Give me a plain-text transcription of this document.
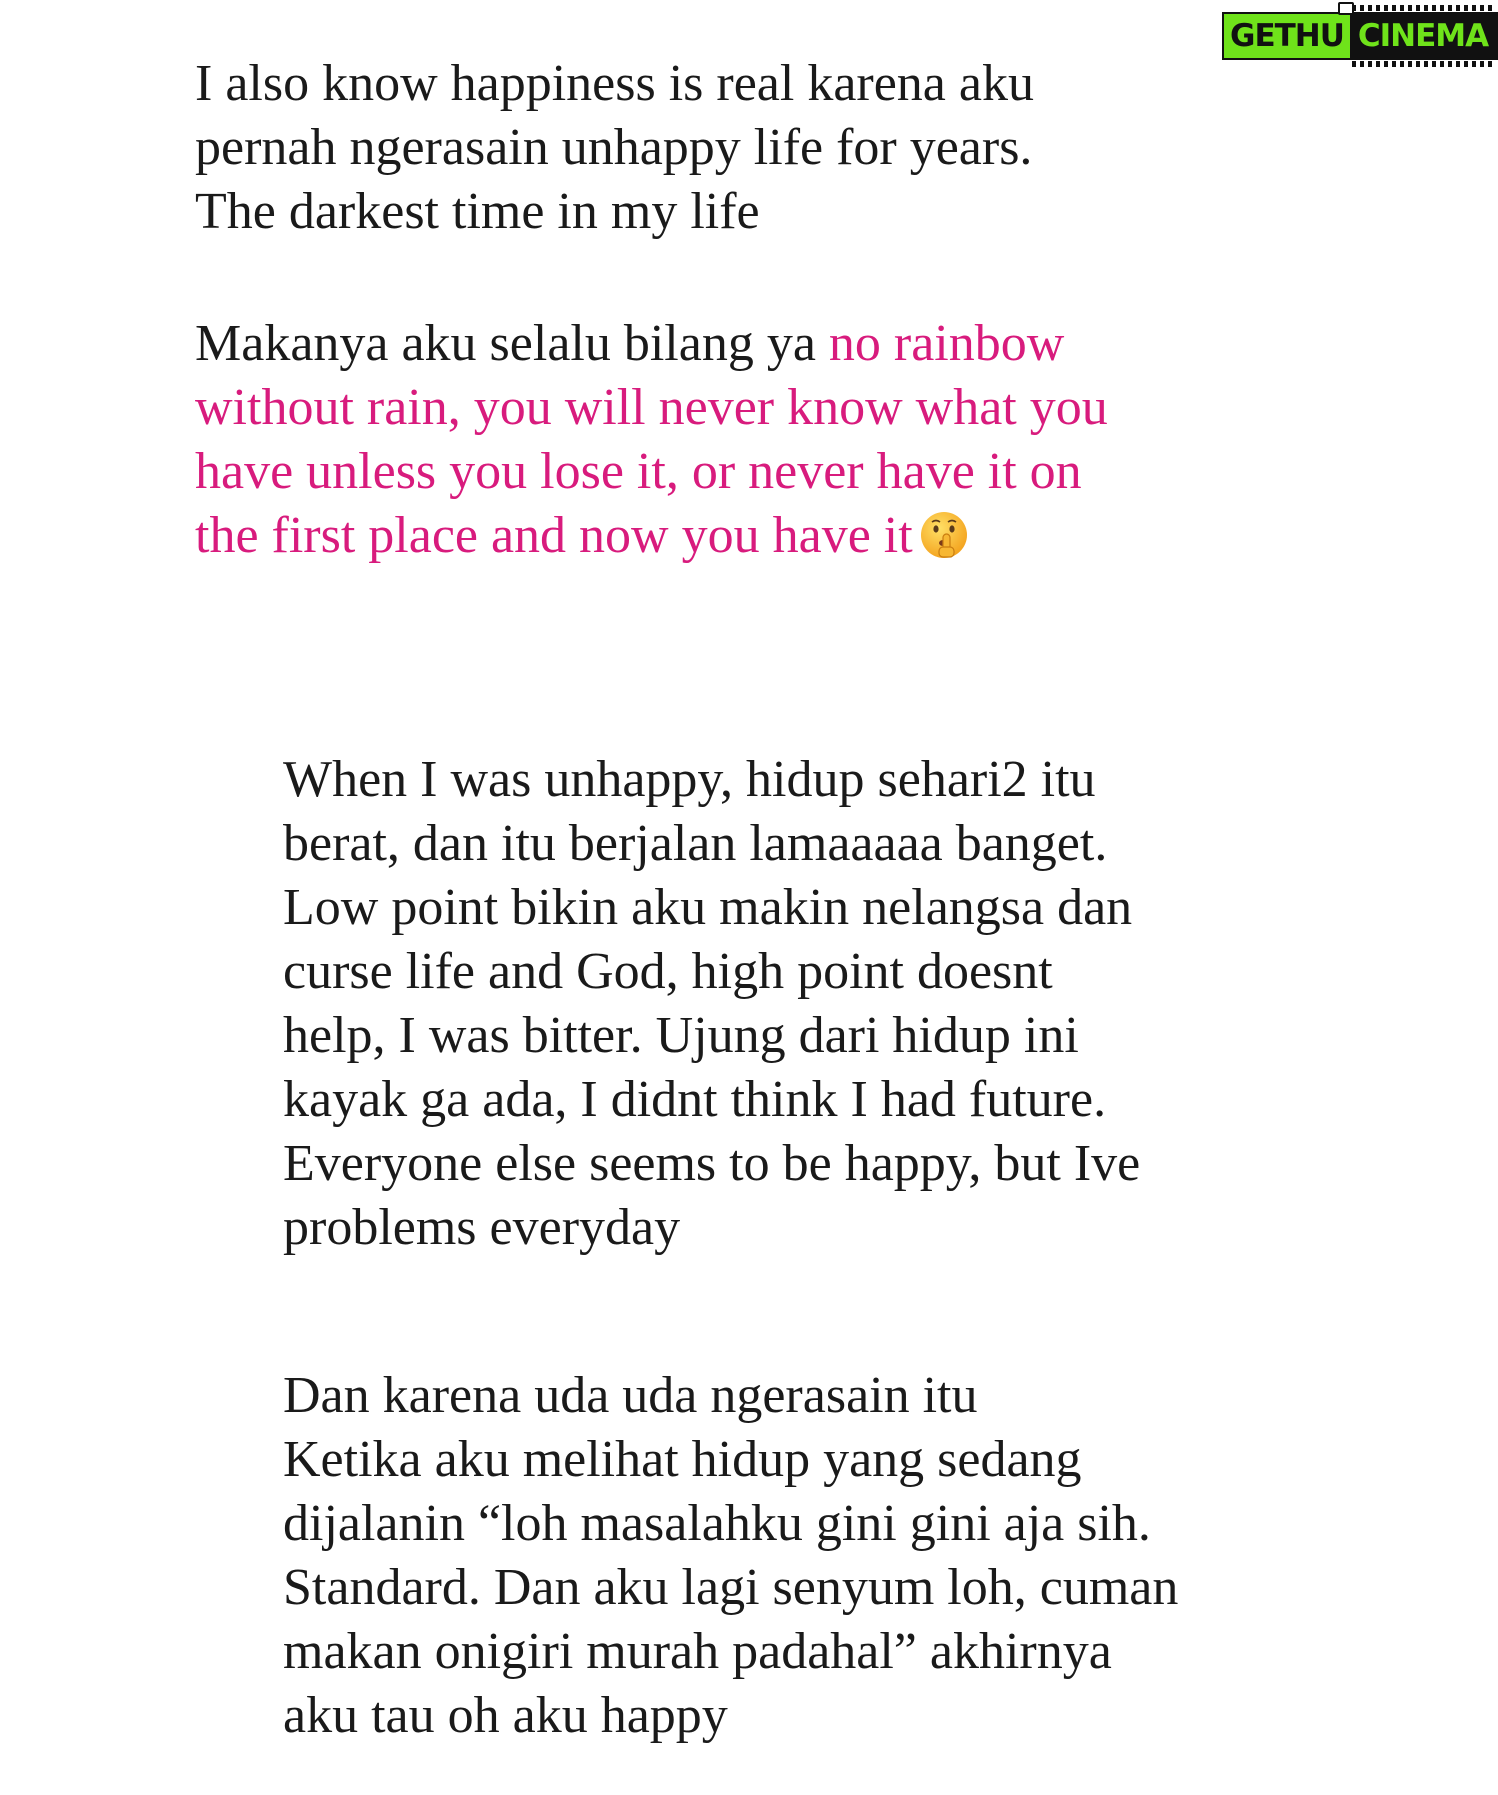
GETHU CINEMA

I also know happiness is real karena aku
pernah ngerasain unhappy life for years.
The darkest time in my life

Makanya aku selalu bilang ya no rainbow
without rain, you will never know what you
have unless you lose it, or never have it on
the first place and now you have it

When I was unhappy, hidup sehari2 itu
berat, dan itu berjalan lamaaaaa banget.
Low point bikin aku makin nelangsa dan
curse life and God, high point doesnt
help, I was bitter. Ujung dari hidup ini
kayak ga ada, I didnt think I had future.
Everyone else seems to be happy, but Ive
problems everyday

Dan karena uda uda ngerasain itu
Ketika aku melihat hidup yang sedang
dijalanin “loh masalahku gini gini aja sih.
Standard. Dan aku lagi senyum loh, cuman
makan onigiri murah padahal” akhirnya
aku tau oh aku happy
